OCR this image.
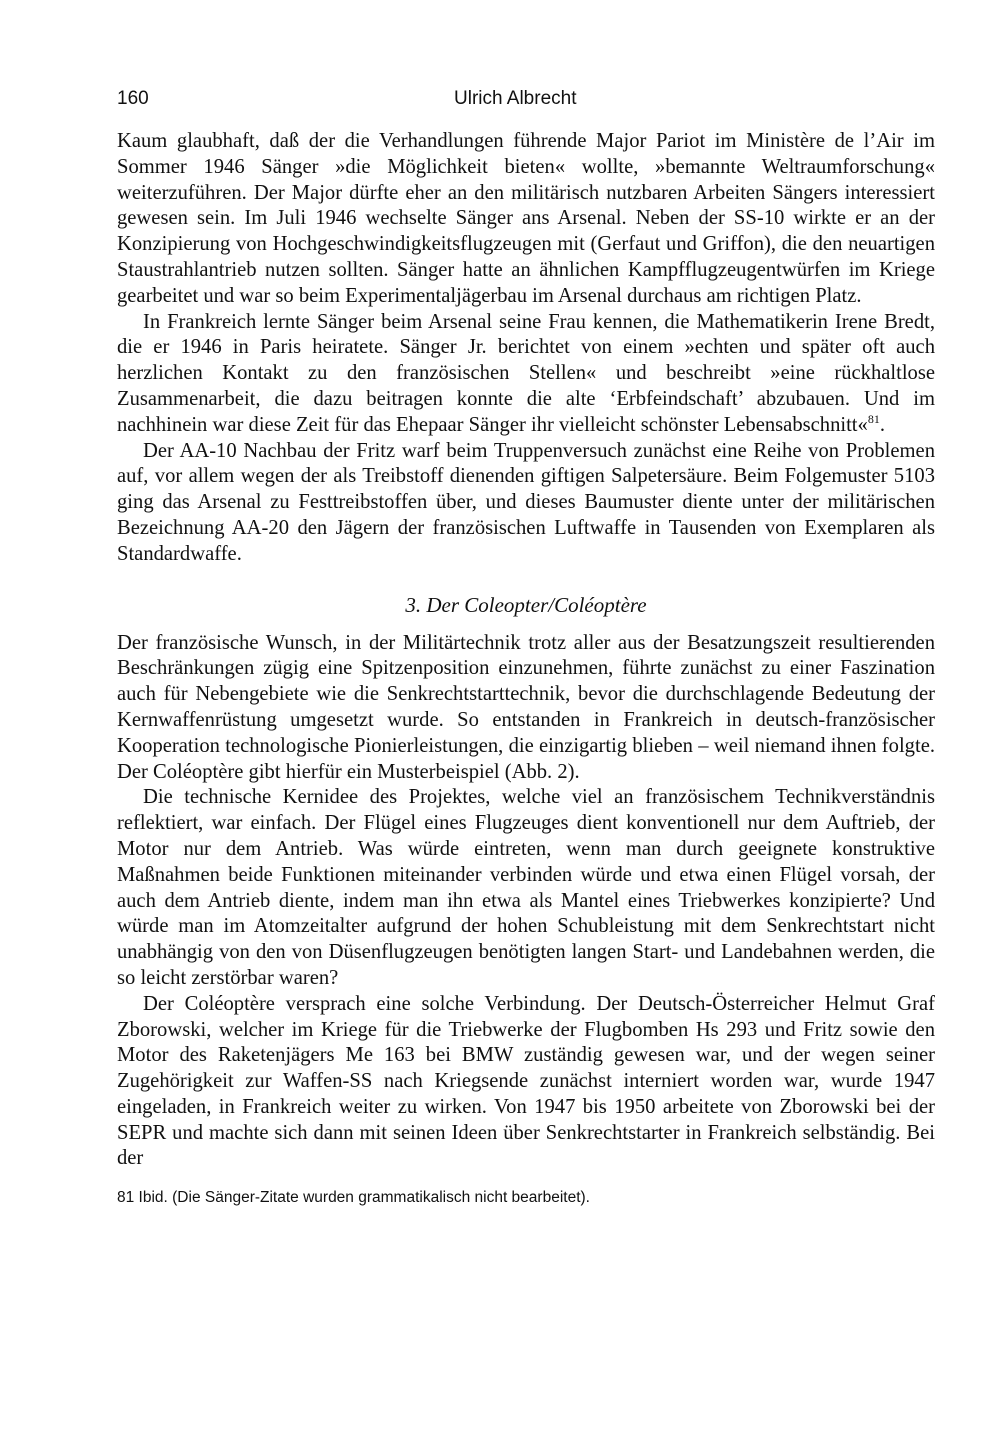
160	Ulrich Albrecht

Kaum glaubhaft, daß der die Verhandlungen führende Major Pariot im Ministère de l’Air im Sommer 1946 Sänger »die Möglichkeit bieten« wollte, »bemannte Weltraumforschung« weiterzuführen. Der Major dürfte eher an den militärisch nutzbaren Arbeiten Sängers interessiert gewesen sein. Im Juli 1946 wechselte Sänger ans Arsenal. Neben der SS-10 wirkte er an der Konzipierung von Hochgeschwindigkeitsflugzeugen mit (Gerfaut und Griffon), die den neuartigen Staustrahlantrieb nutzen sollten. Sänger hatte an ähnlichen Kampfflugzeugentwürfen im Kriege gearbeitet und war so beim Experimentaljägerbau im Arsenal durchaus am richtigen Platz.

In Frankreich lernte Sänger beim Arsenal seine Frau kennen, die Mathematikerin Irene Bredt, die er 1946 in Paris heiratete. Sänger Jr. berichtet von einem »echten und später oft auch herzlichen Kontakt zu den französischen Stellen« und beschreibt »eine rückhaltlose Zusammenarbeit, die dazu beitragen konnte die alte ‘Erbfeindschaft’ abzubauen. Und im nachhinein war diese Zeit für das Ehepaar Sänger ihr vielleicht schönster Lebensabschnitt«$^{81}$.

Der AA-10 Nachbau der Fritz warf beim Truppenversuch zunächst eine Reihe von Problemen auf, vor allem wegen der als Treibstoff dienenden giftigen Salpetersäure. Beim Folgemuster 5103 ging das Arsenal zu Festtreibstoffen über, und dieses Baumuster diente unter der militärischen Bezeichnung AA-20 den Jägern der französischen Luftwaffe in Tausenden von Exemplaren als Standardwaffe.

3. Der Coleopter/Coléoptère

Der französische Wunsch, in der Militärtechnik trotz aller aus der Besatzungszeit resultierenden Beschränkungen zügig eine Spitzenposition einzunehmen, führte zunächst zu einer Faszination auch für Nebengebiete wie die Senkrechtstarttechnik, bevor die durchschlagende Bedeutung der Kernwaffenrüstung umgesetzt wurde. So entstanden in Frankreich in deutsch-französischer Kooperation technologische Pionierleistungen, die einzigartig blieben – weil niemand ihnen folgte. Der Coléoptère gibt hierfür ein Musterbeispiel (Abb. 2).

Die technische Kernidee des Projektes, welche viel an französischem Technikverständnis reflektiert, war einfach. Der Flügel eines Flugzeuges dient konventionell nur dem Auftrieb, der Motor nur dem Antrieb. Was würde eintreten, wenn man durch geeignete konstruktive Maßnahmen beide Funktionen miteinander verbinden würde und etwa einen Flügel vorsah, der auch dem Antrieb diente, indem man ihn etwa als Mantel eines Triebwerkes konzipierte? Und würde man im Atomzeitalter aufgrund der hohen Schubleistung mit dem Senkrechtstart nicht unabhängig von den von Düsenflugzeugen benötigten langen Start- und Landebahnen werden, die so leicht zerstörbar waren?

Der Coléoptère versprach eine solche Verbindung. Der Deutsch-Österreicher Helmut Graf Zborowski, welcher im Kriege für die Triebwerke der Flugbomben Hs 293 und Fritz sowie den Motor des Raketenjägers Me 163 bei BMW zuständig gewesen war, und der wegen seiner Zugehörigkeit zur Waffen-SS nach Kriegsende zunächst interniert worden war, wurde 1947 eingeladen, in Frankreich weiter zu wirken. Von 1947 bis 1950 arbeitete von Zborowski bei der SEPR und machte sich dann mit seinen Ideen über Senkrechtstarter in Frankreich selbständig. Bei der

81 Ibid. (Die Sänger-Zitate wurden grammatikalisch nicht bearbeitet).
